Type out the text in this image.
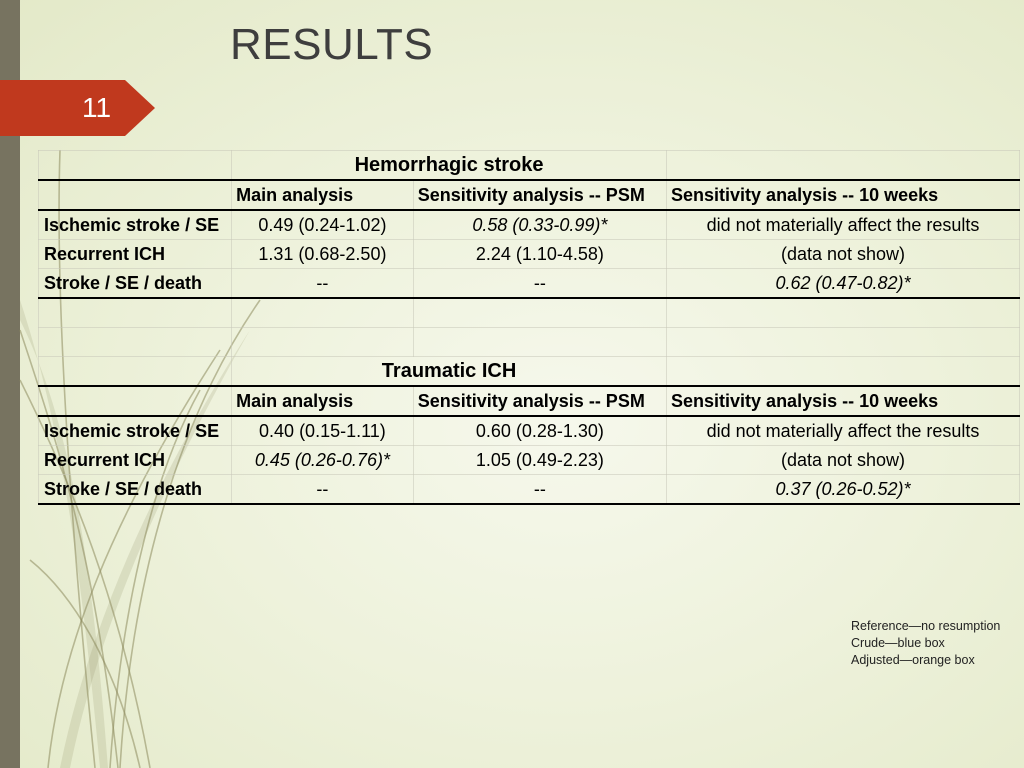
RESULTS
11
	Hemorrhagic stroke		
	Main analysis	Sensitivity analysis -- PSM	Sensitivity analysis -- 10 weeks
Ischemic stroke / SE	0.49 (0.24-1.02)	0.58 (0.33-0.99)*	did not materially affect the results
Recurrent ICH	1.31 (0.68-2.50)	2.24 (1.10-4.58)	(data not show)
Stroke / SE / death	--	--	0.62 (0.47-0.82)*

	Traumatic ICH		
	Main analysis	Sensitivity analysis -- PSM	Sensitivity analysis -- 10 weeks
Ischemic stroke / SE	0.40 (0.15-1.11)	0.60 (0.28-1.30)	did not materially affect the results
Recurrent ICH	0.45 (0.26-0.76)*	1.05 (0.49-2.23)	(data not show)
Stroke / SE / death	--	--	0.37 (0.26-0.52)*
Reference—no resumption
Crude—blue box
Adjusted—orange box
